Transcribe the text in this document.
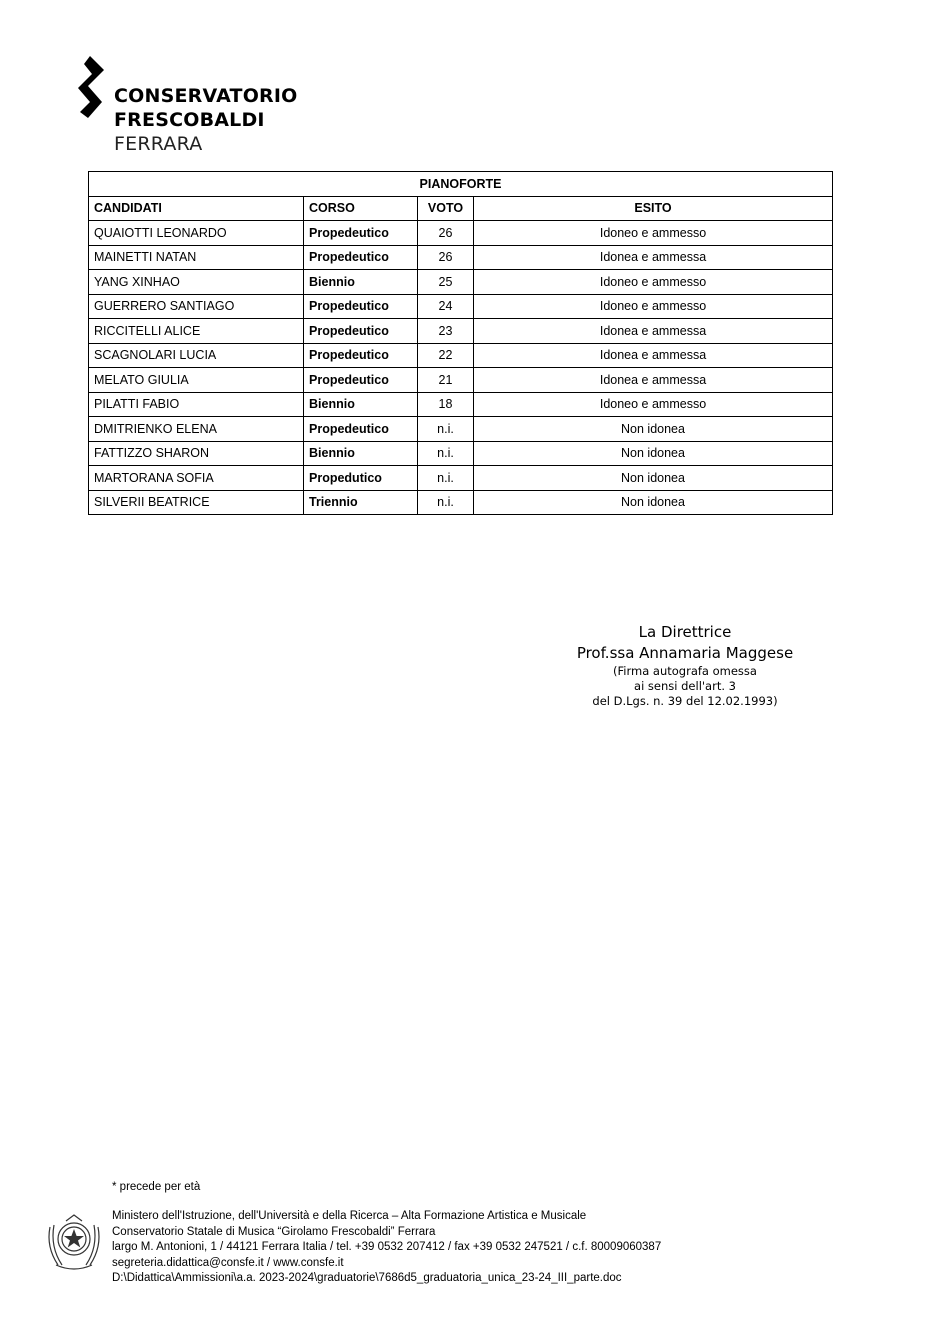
CONSERVATORIO
FRESCOBALDI
FERRARA
PIANOFORTE			
CANDIDATI	CORSO	VOTO	ESITO
QUAIOTTI LEONARDO	Propedeutico	26	Idoneo e ammesso
MAINETTI NATAN	Propedeutico	26	Idonea e ammessa
YANG XINHAO	Biennio	25	Idoneo e ammesso
GUERRERO SANTIAGO	Propedeutico	24	Idoneo e ammesso
RICCITELLI ALICE	Propedeutico	23	Idonea e ammessa
SCAGNOLARI LUCIA	Propedeutico	22	Idonea e ammessa
MELATO GIULIA	Propedeutico	21	Idonea e ammessa
PILATTI FABIO	Biennio	18	Idoneo e ammesso
DMITRIENKO ELENA	Propedeutico	n.i.	Non idonea
FATTIZZO SHARON	Biennio	n.i.	Non idonea
MARTORANA SOFIA	Propedutico	n.i.	Non idonea
SILVERII BEATRICE	Triennio	n.i.	Non idonea
La Direttrice
Prof.ssa Annamaria Maggese
(Firma autografa omessa
ai sensi dell'art. 3
del D.Lgs. n. 39 del 12.02.1993)
* precede per età
Ministero dell'Istruzione, dell'Università e della Ricerca – Alta Formazione Artistica e Musicale
Conservatorio Statale di Musica “Girolamo Frescobaldi” Ferrara
largo M. Antonioni, 1 / 44121 Ferrara Italia / tel. +39 0532 207412 / fax +39 0532 247521 / c.f. 80009060387
segreteria.didattica@consfe.it / www.consfe.it
D:\Didattica\Ammissioni\a.a. 2023-2024\graduatorie\7686d5_graduatoria_unica_23-24_III_parte.doc
